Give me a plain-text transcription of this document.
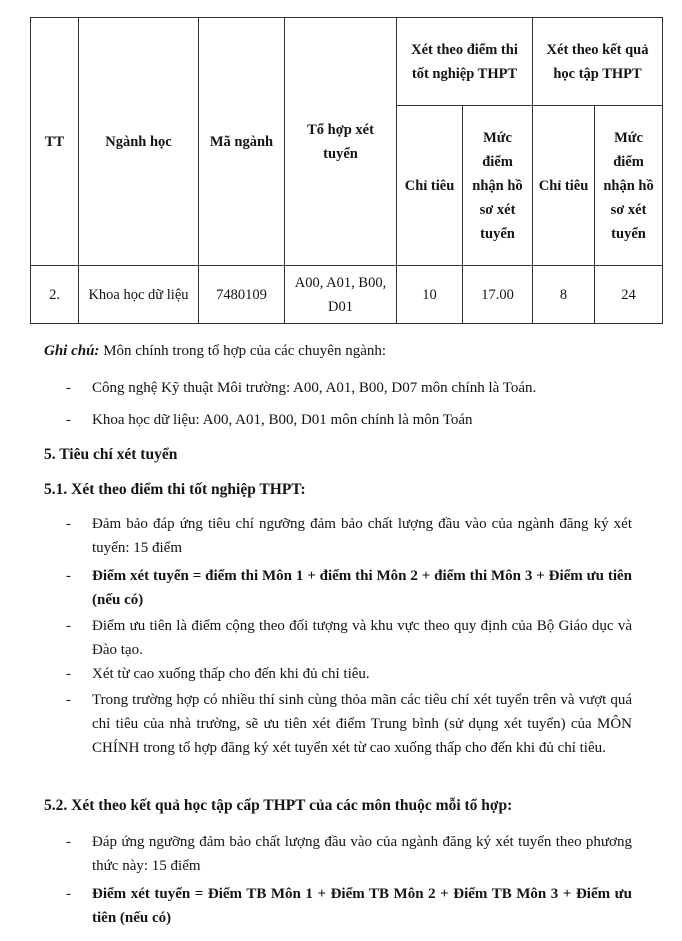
TT	Ngành học	Mã ngành	Tổ hợp xét tuyển	Xét theo điểm thi tốt nghiệp THPT		Xét theo kết quả học tập THPT	
				Chỉ tiêu	Mức điểm nhận hồ sơ xét tuyển	Chỉ tiêu	Mức điểm nhận hồ sơ xét tuyển
2.	Khoa học dữ liệu	7480109	A00, A01, B00, D01	10	17.00	8	24
Ghi chú: Môn chính trong tổ hợp của các chuyên ngành:
- Công nghệ Kỹ thuật Môi trường: A00, A01, B00, D07 môn chính là Toán.
- Khoa học dữ liệu: A00, A01, B00, D01 môn chính là môn Toán
5. Tiêu chí xét tuyển
5.1. Xét theo điểm thi tốt nghiệp THPT:
- Đảm bảo đáp ứng tiêu chí ngưỡng đảm bảo chất lượng đầu vào của ngành đăng ký xét tuyển: 15 điểm
- Điểm xét tuyển = điểm thi Môn 1 + điểm thi Môn 2 + điểm thi Môn 3 + Điểm ưu tiên (nếu có)
- Điểm ưu tiên là điểm cộng theo đối tượng và khu vực theo quy định của Bộ Giáo dục và Đào tạo.
- Xét từ cao xuống thấp cho đến khi đủ chỉ tiêu.
- Trong trường hợp có nhiều thí sinh cùng thỏa mãn các tiêu chí xét tuyển trên và vượt quá chỉ tiêu của nhà trường, sẽ ưu tiên xét điểm Trung bình (sử dụng xét tuyển) của MÔN CHÍNH trong tổ hợp đăng ký xét tuyển xét từ cao xuống thấp cho đến khi đủ chỉ tiêu.
5.2. Xét theo kết quả học tập cấp THPT của các môn thuộc mỗi tổ hợp:
- Đáp ứng ngưỡng đảm bảo chất lượng đầu vào của ngành đăng ký xét tuyển theo phương thức này: 15 điểm
- Điểm xét tuyển = Điểm TB Môn 1 + Điểm TB Môn 2 + Điểm TB Môn 3 + Điểm ưu tiên (nếu có)
